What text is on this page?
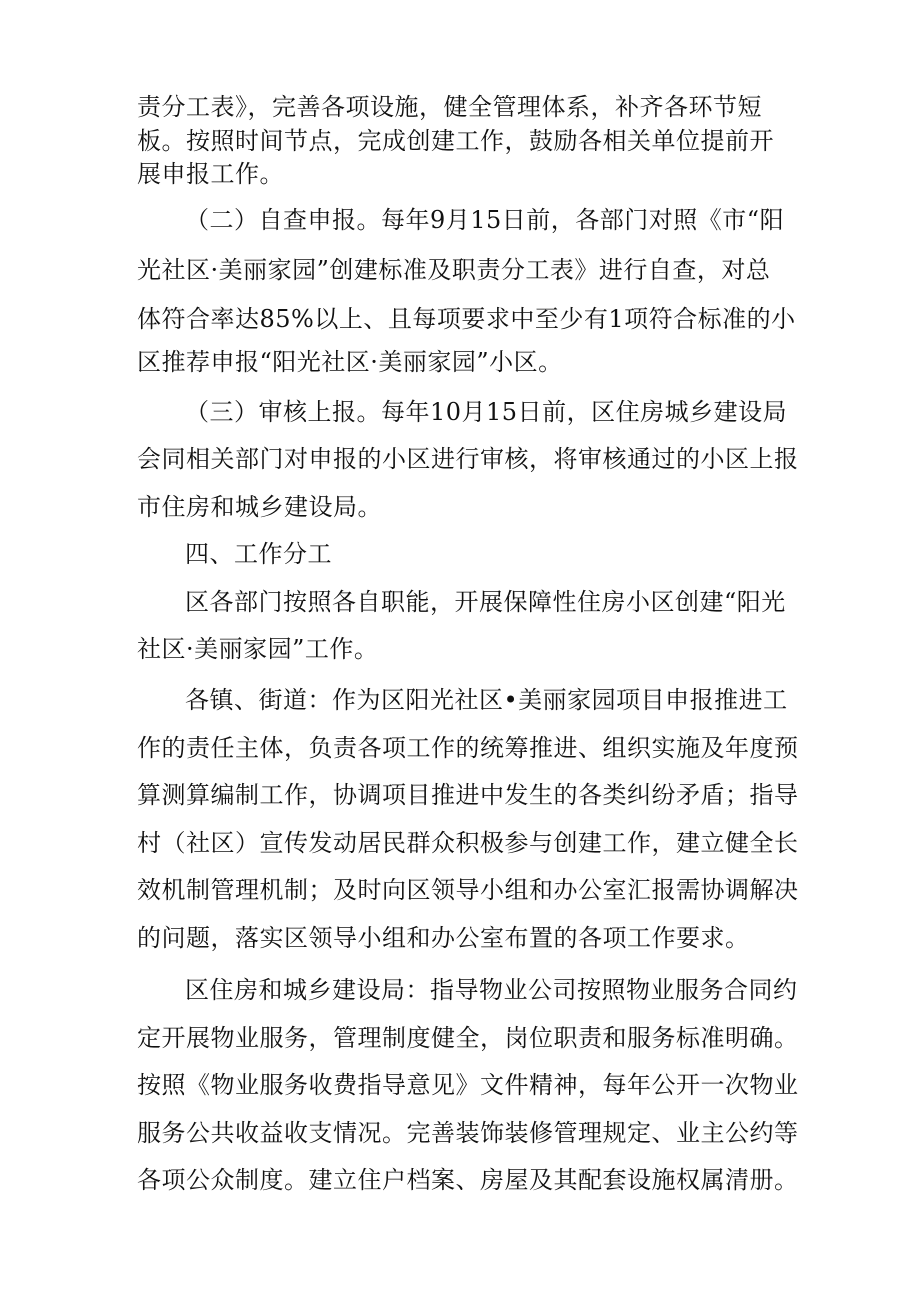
责分工表》，完善各项设施，健全管理体系，补齐各环节短
板。按照时间节点，完成创建工作，鼓励各相关单位提前开
展申报工作。
（二）自查申报。每年9月15日前，各部门对照《市“阳
光社区·美丽家园”创建标准及职责分工表》进行自查，对总
体符合率达85%以上、且每项要求中至少有1项符合标准的小
区推荐申报“阳光社区·美丽家园”小区。
（三）审核上报。每年10月15日前，区住房城乡建设局
会同相关部门对申报的小区进行审核，将审核通过的小区上报
市住房和城乡建设局。
四、工作分工
区各部门按照各自职能，开展保障性住房小区创建“阳光
社区·美丽家园”工作。
各镇、街道：作为区阳光社区•美丽家园项目申报推进工
作的责任主体，负责各项工作的统筹推进、组织实施及年度预
算测算编制工作，协调项目推进中发生的各类纠纷矛盾；指导
村（社区）宣传发动居民群众积极参与创建工作，建立健全长
效机制管理机制；及时向区领导小组和办公室汇报需协调解决
的问题，落实区领导小组和办公室布置的各项工作要求。
区住房和城乡建设局：指导物业公司按照物业服务合同约
定开展物业服务，管理制度健全，岗位职责和服务标准明确。
按照《物业服务收费指导意见》文件精神，每年公开一次物业
服务公共收益收支情况。完善装饰装修管理规定、业主公约等
各项公众制度。建立住户档案、房屋及其配套设施权属清册。
